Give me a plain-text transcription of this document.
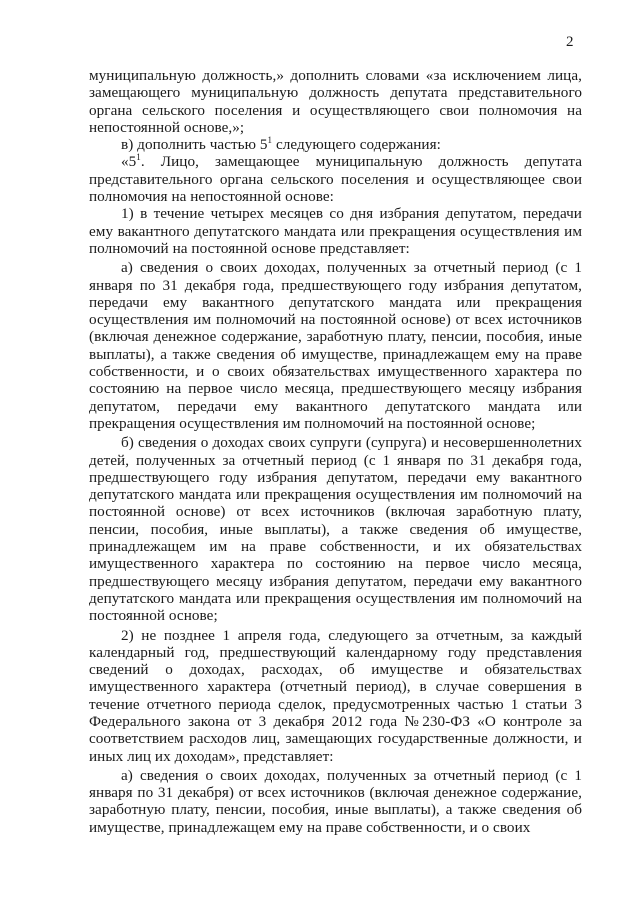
2

муниципальную должность,» дополнить словами «за исключением лица, замещающего муниципальную должность депутата представительного органа сельского поселения и осуществляющего свои полномочия на непостоянной основе,»;

в) дополнить частью $5^1$ следующего содержания:

«$5^1$. Лицо, замещающее муниципальную должность депутата представительного органа сельского поселения и осуществляющее свои полномочия на непостоянной основе:

1) в течение четырех месяцев со дня избрания депутатом, передачи ему вакантного депутатского мандата или прекращения осуществления им полномочий на постоянной основе представляет:

а) сведения о своих доходах, полученных за отчетный период (с 1 января по 31 декабря года, предшествующего году избрания депутатом, передачи ему вакантного депутатского мандата или прекращения осуществления им полномочий на постоянной основе) от всех источников (включая денежное содержание, заработную плату, пенсии, пособия, иные выплаты), а также сведения об имуществе, принадлежащем ему на праве собственности, и о своих обязательствах имущественного характера по состоянию на первое число месяца, предшествующего месяцу избрания депутатом, передачи ему вакантного депутатского мандата или прекращения осуществления им полномочий на постоянной основе;

б) сведения о доходах своих супруги (супруга) и несовершеннолетних детей, полученных за отчетный период (с 1 января по 31 декабря года, предшествующего году избрания депутатом, передачи ему вакантного депутатского мандата или прекращения осуществления им полномочий на постоянной основе) от всех источников (включая заработную плату, пенсии, пособия, иные выплаты), а также сведения об имуществе, принадлежащем им на праве собственности, и их обязательствах имущественного характера по состоянию на первое число месяца, предшествующего месяцу избрания депутатом, передачи ему вакантного депутатского мандата или прекращения осуществления им полномочий на постоянной основе;

2) не позднее 1 апреля года, следующего за отчетным, за каждый календарный год, предшествующий календарному году представления сведений о доходах, расходах, об имуществе и обязательствах имущественного характера (отчетный период), в случае совершения в течение отчетного периода сделок, предусмотренных частью 1 статьи 3 Федерального закона от 3 декабря 2012 года №230-ФЗ «О контроле за соответствием расходов лиц, замещающих государственные должности, и иных лиц их доходам», представляет:

а) сведения о своих доходах, полученных за отчетный период (с 1 января по 31 декабря) от всех источников (включая денежное содержание, заработную плату, пенсии, пособия, иные выплаты), а также сведения об имуществе, принадлежащем ему на праве собственности, и о своих
